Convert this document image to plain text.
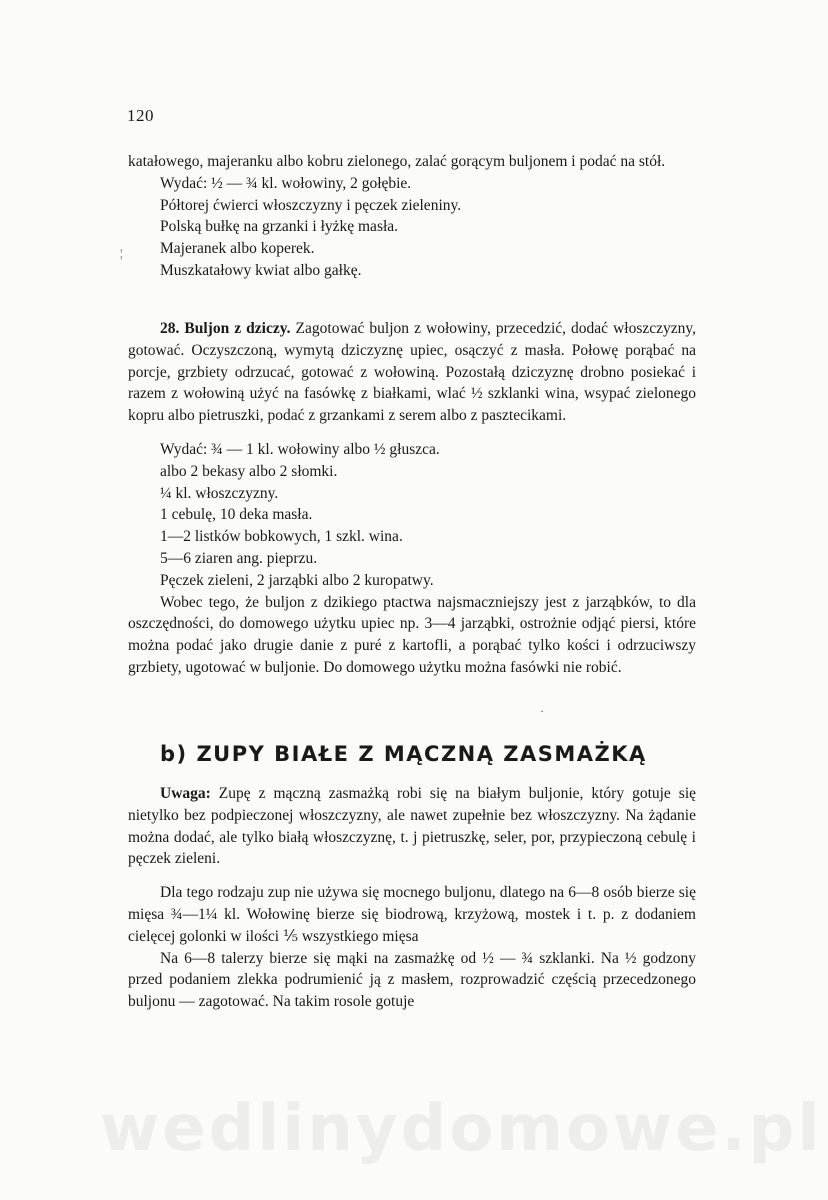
120

katałowego, majeranku albo kobru zielonego, zalać gorącym buljonem i podać na stół.

Wydać: ½ — ¾ kl. wołowiny, 2 gołębie.
Półtorej ćwierci włoszczyzny i pęczek zieleniny.
Polską bułkę na grzanki i łyżkę masła.
Majeranek albo koperek.
Muszkatałowy kwiat albo gałkę.

28. Buljon z dziczy. Zagotować buljon z wołowiny, przecedzić, dodać włoszczyzny, gotować. Oczyszczoną, wymytą dziczyznę upiec, osączyć z masła. Połowę porąbać na porcje, grzbiety odrzucać, gotować z wołowiną. Pozostałą dziczyznę drobno posiekać i razem z wołowiną użyć na fasówkę z białkami, wlać ½ szklanki wina, wsypać zielonego kopru albo pietruszki, podać z grzankami z serem albo z pasztecikami.

Wydać: ¾ — 1 kl. wołowiny albo ½ głuszca.
albo 2 bekasy albo 2 słomki.
¼ kl. włoszczyzny.
1 cebulę, 10 deka masła.
1—2 listków bobkowych, 1 szkl. wina.
5—6 ziaren ang. pieprzu.
Pęczek zieleni, 2 jarząbki albo 2 kuropatwy.

Wobec tego, że buljon z dzikiego ptactwa najsmaczniejszy jest z jarząbków, to dla oszczędności, do domowego użytku upiec np. 3—4 jarząbki, ostrożnie odjąć piersi, które można podać jako drugie danie z puré z kartofli, a porąbać tylko kości i odrzuciwszy grzbiety, ugotować w buljonie. Do domowego użytku można fasówki nie robić.

b) ZUPY BIAŁE Z MĄCZNĄ ZASMAŻKĄ

Uwaga: Zupę z mączną zasmażką robi się na białym buljonie, który gotuje się nietylko bez podpieczonej włoszczyzny, ale nawet zupełnie bez włoszczyzny. Na żądanie można dodać, ale tylko białą włoszczyznę, t. j pietruszkę, seler, por, przypieczoną cebulę i pęczek zieleni.

Dla tego rodzaju zup nie używa się mocnego buljonu, dlatego na 6—8 osób bierze się mięsa ¾—1¼ kl. Wołowinę bierze się biodrową, krzyżową, mostek i t. p. z dodaniem cielęcej golonki w ilości ⅕ wszystkiego mięsa

Na 6—8 talerzy bierze się mąki na zasmażkę od ½ — ¾ szklanki. Na ½ godzony przed podaniem zlekka podrumienić ją z masłem, rozprowadzić częścią przecedzonego buljonu — zagotować. Na takim rosole gotuje

¦
·
wedlinydomowe.pl
